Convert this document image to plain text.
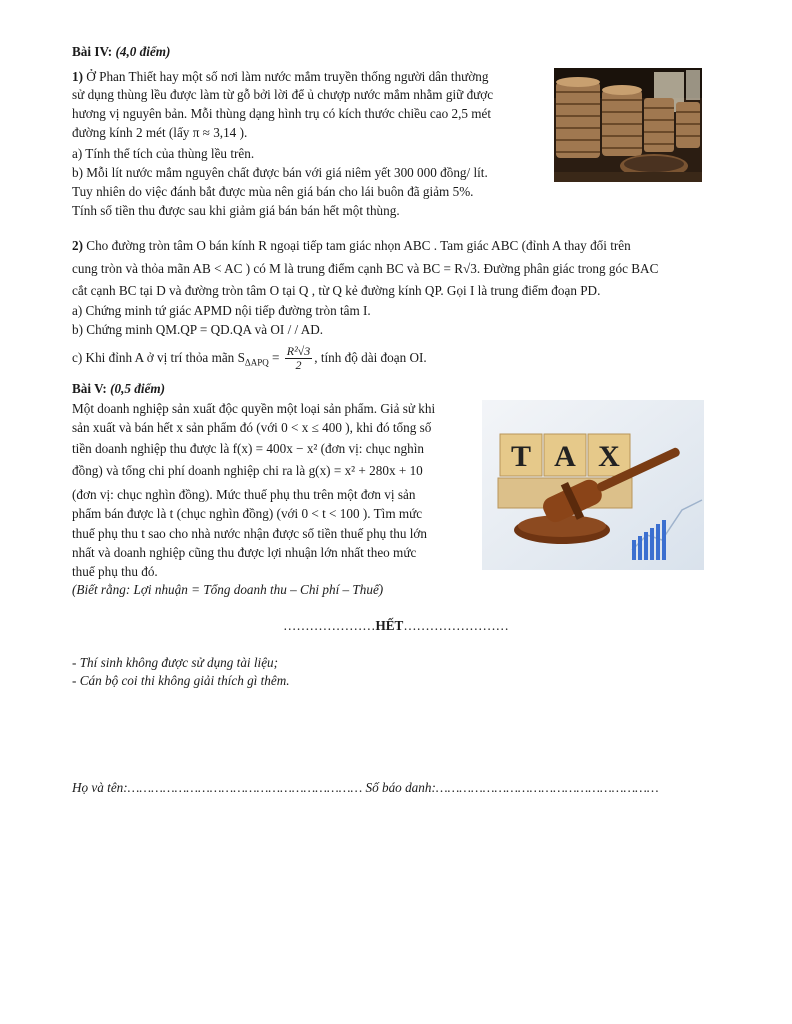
Bài IV: (4,0 điểm)
1) Ở Phan Thiết hay một số nơi làm nước mắm truyền thống người dân thường
sử dụng thùng lều được làm từ gỗ bởi lời để ủ chượp nước mắm nhằm giữ được
hương vị nguyên bản. Mỗi thùng dạng hình trụ có kích thước chiều cao 2,5 mét
đường kính 2 mét (lấy π ≈ 3,14 ).
a) Tính thể tích của thùng lều trên.
b) Mỗi lít nước mắm nguyên chất được bán với giá niêm yết 300 000 đồng/ lít.
Tuy nhiên do việc đánh bắt được mùa nên giá bán cho lái buôn đã giảm 5%.
Tính số tiền thu được sau khi giảm giá bán bán hết một thùng.
2) Cho đường tròn tâm O bán kính R ngoại tiếp tam giác nhọn ABC . Tam giác ABC (đỉnh A thay đổi trên
cung tròn và thỏa mãn AB < AC ) có M là trung điểm cạnh BC và BC = R√3. Đường phân giác trong góc BAC
cắt cạnh BC tại D và đường tròn tâm O tại Q , từ Q kẻ đường kính QP. Gọi I là trung điểm đoạn PD.
a) Chứng minh tứ giác APMD nội tiếp đường tròn tâm I.
b) Chứng minh QM.QP = QD.QA và OI / / AD.
c) Khi đỉnh A ở vị trí thỏa mãn $S_{\Delta APQ} = \frac{\text{R²√3}}{2}$ , tính độ dài đoạn OI.
Bài V: (0,5 điểm)
Một doanh nghiệp sản xuất độc quyền một loại sản phẩm. Giả sử khi
sản xuất và bán hết x sản phẩm đó (với 0 < x ≤ 400 ), khi đó tổng số
tiền doanh nghiệp thu được là f(x) = 400x − x² (đơn vị: chục nghìn
đồng) và tổng chi phí doanh nghiệp chi ra là g(x) = x² + 280x + 10
(đơn vị: chục nghìn đồng). Mức thuế phụ thu trên một đơn vị sản
phẩm bán được là t (chục nghìn đồng) (với 0 < t < 100 ). Tìm mức
thuế phụ thu t sao cho nhà nước nhận được số tiền thuế phụ thu lớn
nhất và doanh nghiệp cũng thu được lợi nhuận lớn nhất theo mức
thuế phụ thu đó.
(Biết rằng: Lợi nhuận = Tổng doanh thu – Chi phí – Thuế)
T A X
…………………HẾT……………………
- Thí sinh không được sử dụng tài liệu;
- Cán bộ coi thi không giải thích gì thêm.
Họ và tên:…………………………………………………… Số báo danh:…………………………………………………
